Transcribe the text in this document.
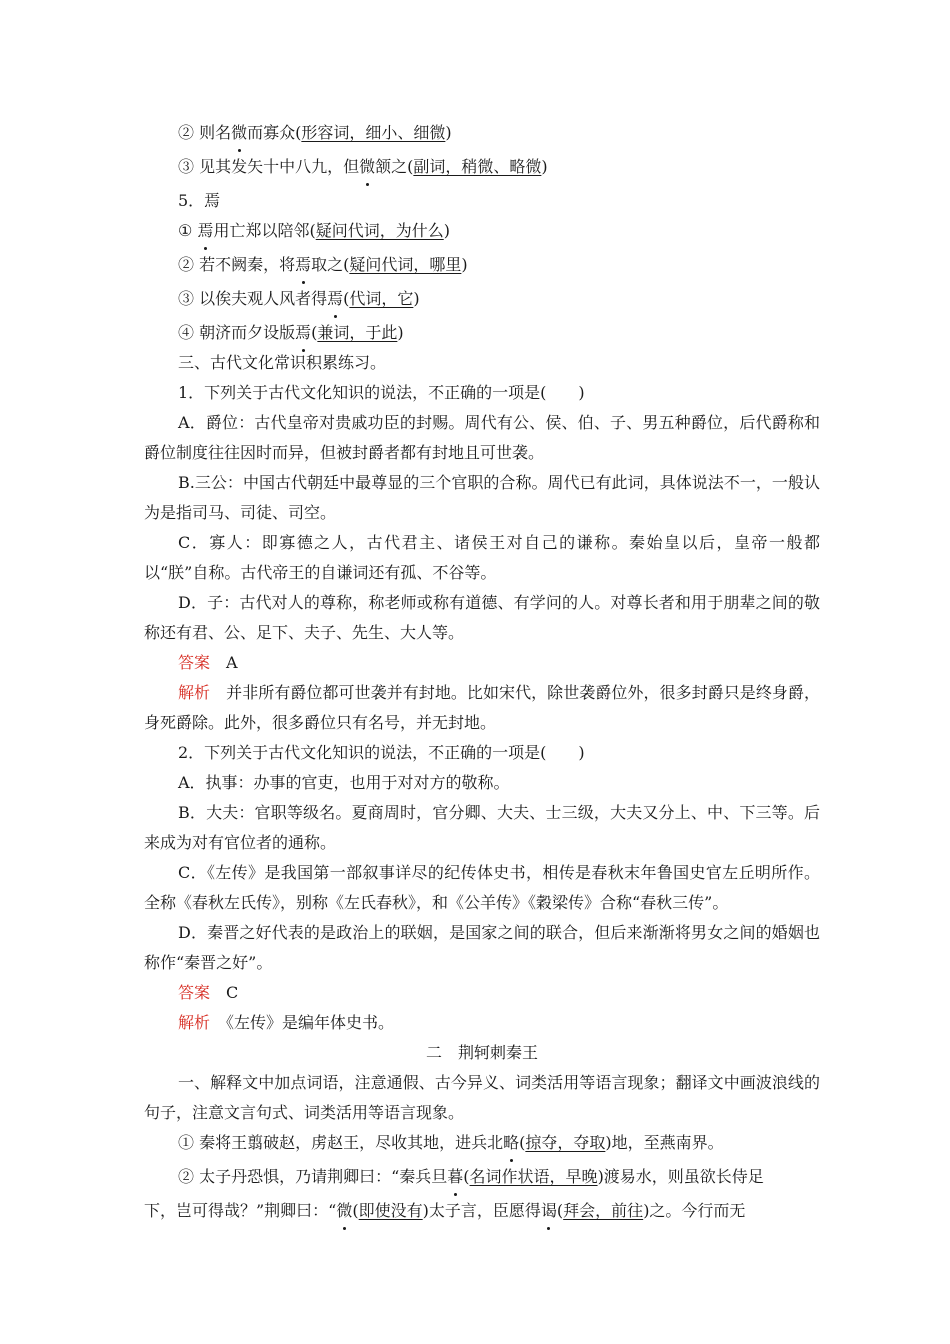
② 则名微而寡众(形容词，细小、细微)

③ 见其发矢十中八九，但微颔之(副词，稍微、略微)

5．焉

① 焉用亡郑以陪邻(疑问代词，为什么)

② 若不阙秦，将焉取之(疑问代词，哪里)

③ 以俟夫观人风者得焉(代词，它)

④ 朝济而夕设版焉(兼词，于此)

三、古代文化常识积累练习。

1．下列关于古代文化知识的说法，不正确的一项是(　　)

A．爵位：古代皇帝对贵戚功臣的封赐。周代有公、侯、伯、子、男五种爵位，后代爵称和爵位制度往往因时而异，但被封爵者都有封地且可世袭。

B.三公：中国古代朝廷中最尊显的三个官职的合称。周代已有此词，具体说法不一，一般认为是指司马、司徒、司空。

C．寡人：即寡德之人，古代君主、诸侯王对自己的谦称。秦始皇以后，皇帝一般都以“朕”自称。古代帝王的自谦词还有孤、不谷等。

D．子：古代对人的尊称，称老师或称有道德、有学问的人。对尊长者和用于朋辈之间的敬称还有君、公、足下、夫子、先生、大人等。

答案　 A

解析　 并非所有爵位都可世袭并有封地。比如宋代，除世袭爵位外，很多封爵只是终身爵，身死爵除。此外，很多爵位只有名号，并无封地。

2．下列关于古代文化知识的说法，不正确的一项是(　　)

A．执事：办事的官吏，也用于对对方的敬称。

B．大夫：官职等级名。夏商周时，官分卿、大夫、士三级，大夫又分上、中、下三等。后来成为对有官位者的通称。

C．《左传》是我国第一部叙事详尽的纪传体史书，相传是春秋末年鲁国史官左丘明所作。全称《春秋左氏传》，别称《左氏春秋》，和《公羊传》《穀梁传》合称“春秋三传”。

D．秦晋之好代表的是政治上的联姻，是国家之间的联合，但后来渐渐将男女之间的婚姻也称作“秦晋之好”。

答案　 C

解析　 《左传》是编年体史书。

二　荆轲刺秦王

一、解释文中加点词语，注意通假、古今异义、词类活用等语言现象；翻译文中画波浪线的句子，注意文言句式、词类活用等语言现象。

① 秦将王翦破赵，虏赵王，尽收其地，进兵北略(掠夺，夺取)地，至燕南界。

② 太子丹恐惧，乃请荆卿曰：“秦兵旦暮(名词作状语，早晚)渡易水，则虽欲长侍足

下，岂可得哉？”荆卿曰：“微(即使没有)太子言，臣愿得谒(拜会，前往)之。今行而无
